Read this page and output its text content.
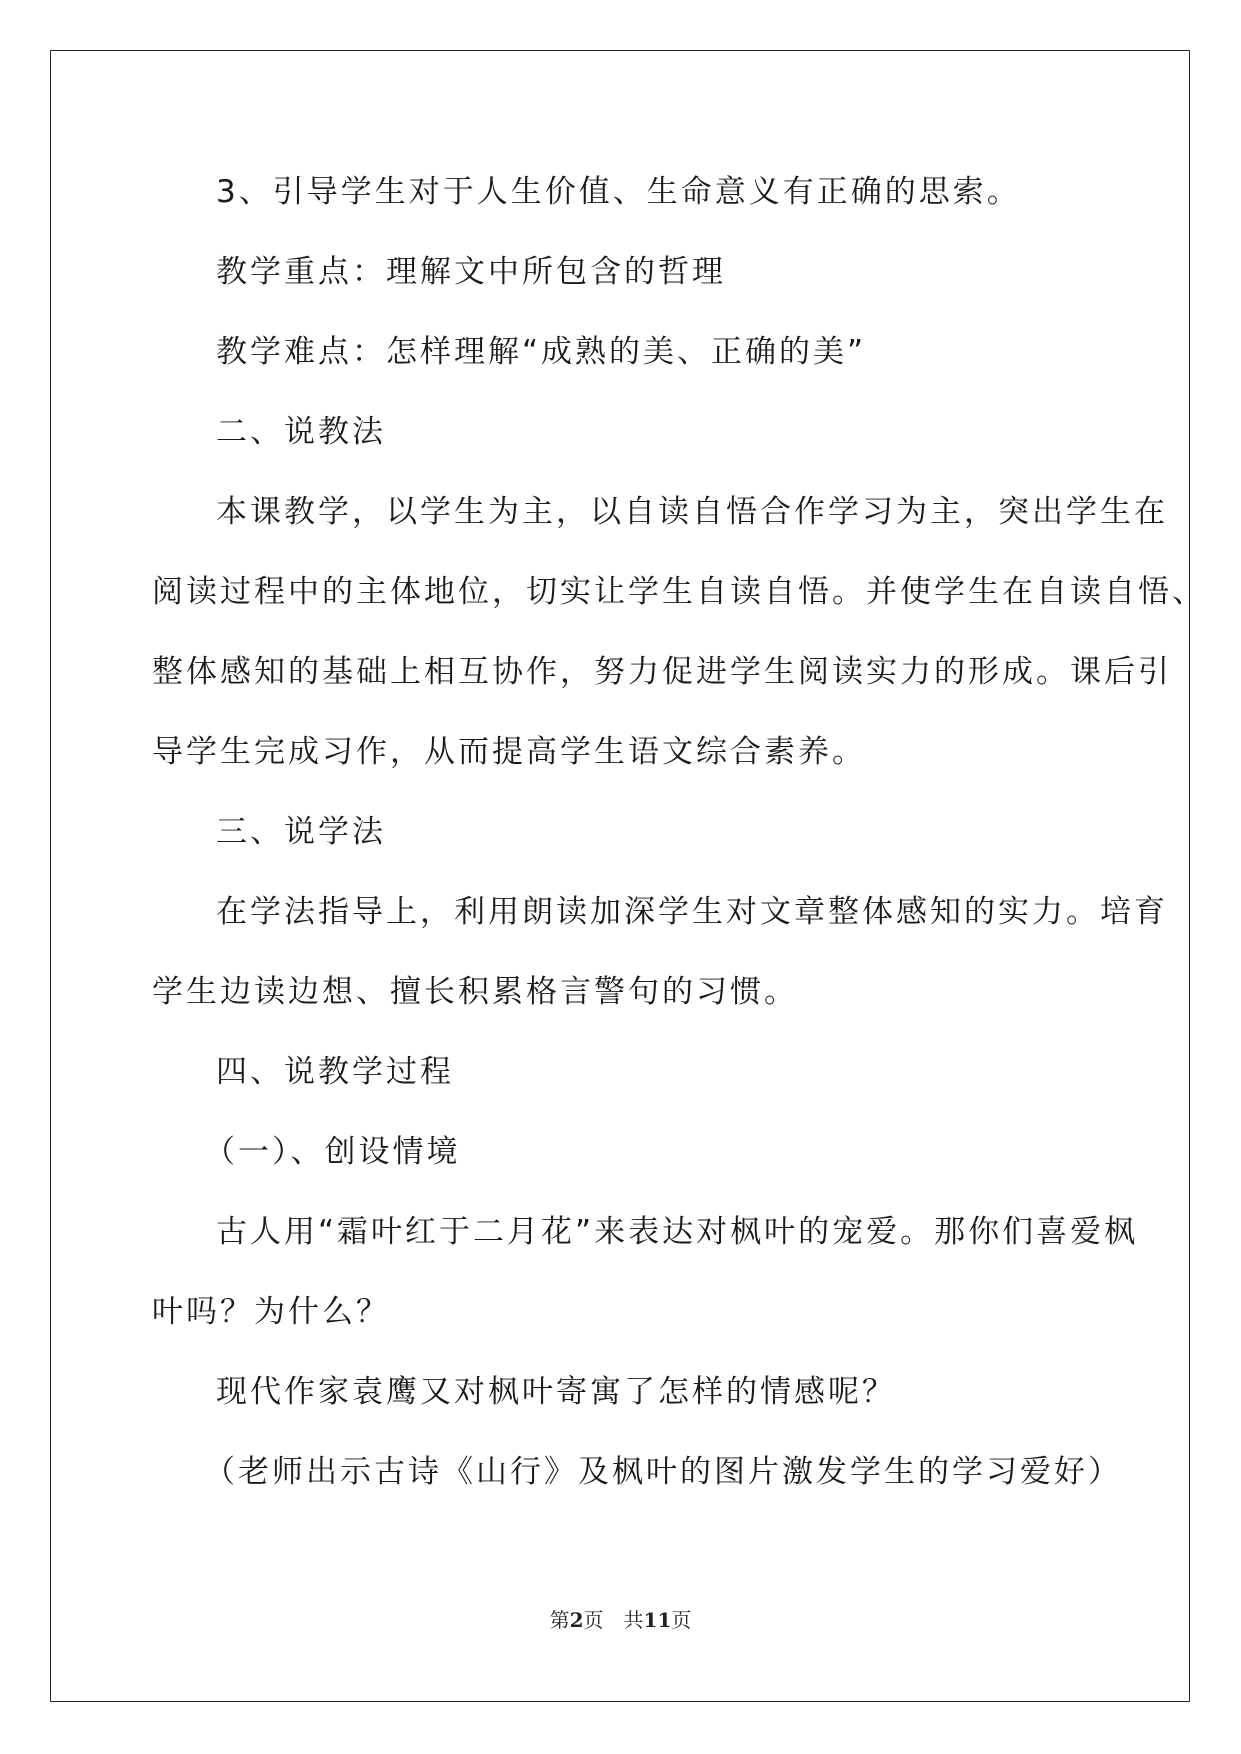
3、引导学生对于人生价值、生命意义有正确的思索。
教学重点：理解文中所包含的哲理
教学难点：怎样理解“成熟的美、正确的美”
二、说教法
本课教学，以学生为主，以自读自悟合作学习为主，突出学生在
阅读过程中的主体地位，切实让学生自读自悟。并使学生在自读自悟、
整体感知的基础上相互协作，努力促进学生阅读实力的形成。课后引
导学生完成习作，从而提高学生语文综合素养。
三、说学法
在学法指导上，利用朗读加深学生对文章整体感知的实力。培育
学生边读边想、擅长积累格言警句的习惯。
四、说教学过程
（一）、创设情境
古人用“霜叶红于二月花”来表达对枫叶的宠爱。那你们喜爱枫
叶吗？为什么？
现代作家袁鹰又对枫叶寄寓了怎样的情感呢？
（老师出示古诗《山行》及枫叶的图片激发学生的学习爱好）
第2页　共11页
